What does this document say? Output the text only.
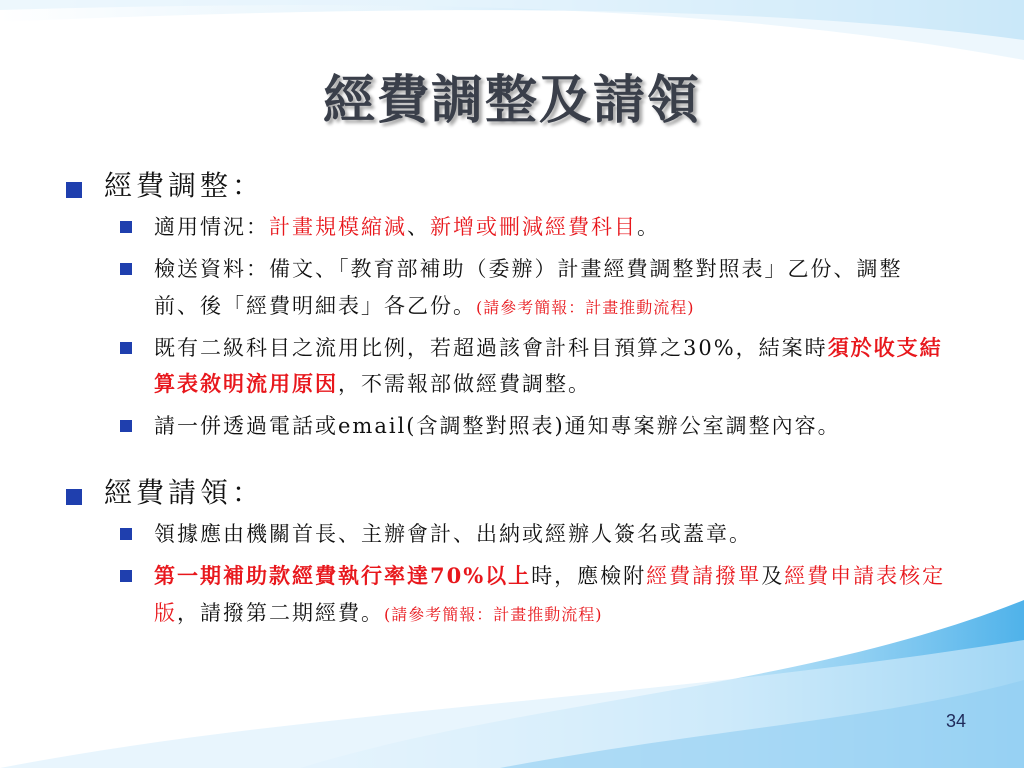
經費調整及請領
經費調整：
適用情況：計畫規模縮減、新增或刪減經費科目。
檢送資料：備文、「教育部補助（委辦）計畫經費調整對照表」乙份、調整前、後「經費明細表」各乙份。(請參考簡報：計畫推動流程)
既有二級科目之流用比例，若超過該會計科目預算之30%，結案時須於收支結算表敘明流用原因，不需報部做經費調整。
請一併透過電話或email(含調整對照表)通知專案辦公室調整內容。
經費請領：
領據應由機關首長、主辦會計、出納或經辦人簽名或蓋章。
第一期補助款經費執行率達70%以上時，應檢附經費請撥單及經費申請表核定版，請撥第二期經費。(請參考簡報：計畫推動流程)
34
